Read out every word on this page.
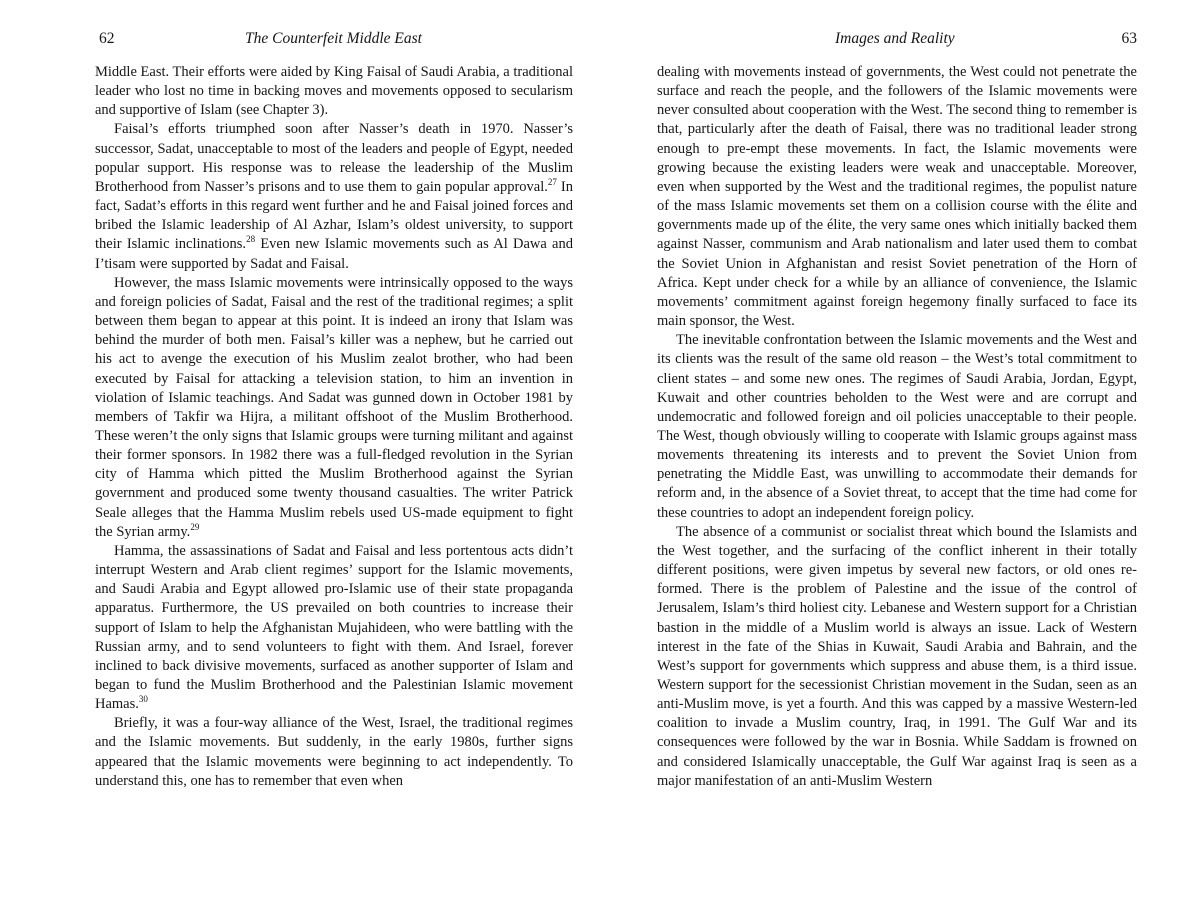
62	The Counterfeit Middle East

Middle East. Their efforts were aided by King Faisal of Saudi Arabia, a traditional leader who lost no time in backing moves and movements opposed to secularism and supportive of Islam (see Chapter 3).

Faisal’s efforts triumphed soon after Nasser’s death in 1970. Nasser’s successor, Sadat, unacceptable to most of the leaders and people of Egypt, needed popular support. His response was to release the leadership of the Muslim Brotherhood from Nasser’s prisons and to use them to gain popular approval.$^{27}$ In fact, Sadat’s efforts in this regard went further and he and Faisal joined forces and bribed the Islamic leadership of Al Azhar, Islam’s oldest university, to support their Islamic inclinations.$^{28}$ Even new Islamic movements such as Al Dawa and I’tisam were supported by Sadat and Faisal.

However, the mass Islamic movements were intrinsically opposed to the ways and foreign policies of Sadat, Faisal and the rest of the traditional regimes; a split between them began to appear at this point. It is indeed an irony that Islam was behind the murder of both men. Faisal’s killer was a nephew, but he carried out his act to avenge the execution of his Muslim zealot brother, who had been executed by Faisal for attacking a television station, to him an invention in violation of Islamic teachings. And Sadat was gunned down in October 1981 by members of Takfir wa Hijra, a militant offshoot of the Muslim Brotherhood. These weren’t the only signs that Islamic groups were turning militant and against their former sponsors. In 1982 there was a full-fledged revolution in the Syrian city of Hamma which pitted the Muslim Brotherhood against the Syrian government and produced some twenty thousand casualties. The writer Patrick Seale alleges that the Hamma Muslim rebels used US-made equipment to fight the Syrian army.$^{29}$

Hamma, the assassinations of Sadat and Faisal and less portentous acts didn’t interrupt Western and Arab client regimes’ support for the Islamic movements, and Saudi Arabia and Egypt allowed pro-Islamic use of their state propaganda apparatus. Furthermore, the US prevailed on both countries to increase their support of Islam to help the Afghanistan Mujahideen, who were battling with the Russian army, and to send volunteers to fight with them. And Israel, forever inclined to back divisive movements, surfaced as another supporter of Islam and began to fund the Muslim Brotherhood and the Palestinian Islamic movement Hamas.$^{30}$

Briefly, it was a four-way alliance of the West, Israel, the traditional regimes and the Islamic movements. But suddenly, in the early 1980s, further signs appeared that the Islamic movements were beginning to act independently. To understand this, one has to remember that even when

Images and Reality	63

dealing with movements instead of governments, the West could not penetrate the surface and reach the people, and the followers of the Islamic movements were never consulted about cooperation with the West. The second thing to remember is that, particularly after the death of Faisal, there was no traditional leader strong enough to pre-empt these movements. In fact, the Islamic movements were growing because the existing leaders were weak and unacceptable. Moreover, even when supported by the West and the traditional regimes, the populist nature of the mass Islamic movements set them on a collision course with the élite and governments made up of the élite, the very same ones which initially backed them against Nasser, communism and Arab nationalism and later used them to combat the Soviet Union in Afghanistan and resist Soviet penetration of the Horn of Africa. Kept under check for a while by an alliance of convenience, the Islamic movements’ commitment against foreign hegemony finally surfaced to face its main sponsor, the West.

The inevitable confrontation between the Islamic movements and the West and its clients was the result of the same old reason – the West’s total commitment to client states – and some new ones. The regimes of Saudi Arabia, Jordan, Egypt, Kuwait and other countries beholden to the West were and are corrupt and undemocratic and followed foreign and oil policies unacceptable to their people. The West, though obviously willing to cooperate with Islamic groups against mass movements threatening its interests and to prevent the Soviet Union from penetrating the Middle East, was unwilling to accommodate their demands for reform and, in the absence of a Soviet threat, to accept that the time had come for these countries to adopt an independent foreign policy.

The absence of a communist or socialist threat which bound the Islamists and the West together, and the surfacing of the conflict inherent in their totally different positions, were given impetus by several new factors, or old ones re-formed. There is the problem of Palestine and the issue of the control of Jerusalem, Islam’s third holiest city. Lebanese and Western support for a Christian bastion in the middle of a Muslim world is always an issue. Lack of Western interest in the fate of the Shias in Kuwait, Saudi Arabia and Bahrain, and the West’s support for governments which suppress and abuse them, is a third issue. Western support for the secessionist Christian movement in the Sudan, seen as an anti-Muslim move, is yet a fourth. And this was capped by a massive Western-led coalition to invade a Muslim country, Iraq, in 1991. The Gulf War and its consequences were followed by the war in Bosnia. While Saddam is frowned on and considered Islamically unacceptable, the Gulf War against Iraq is seen as a major manifestation of an anti-Muslim Western
